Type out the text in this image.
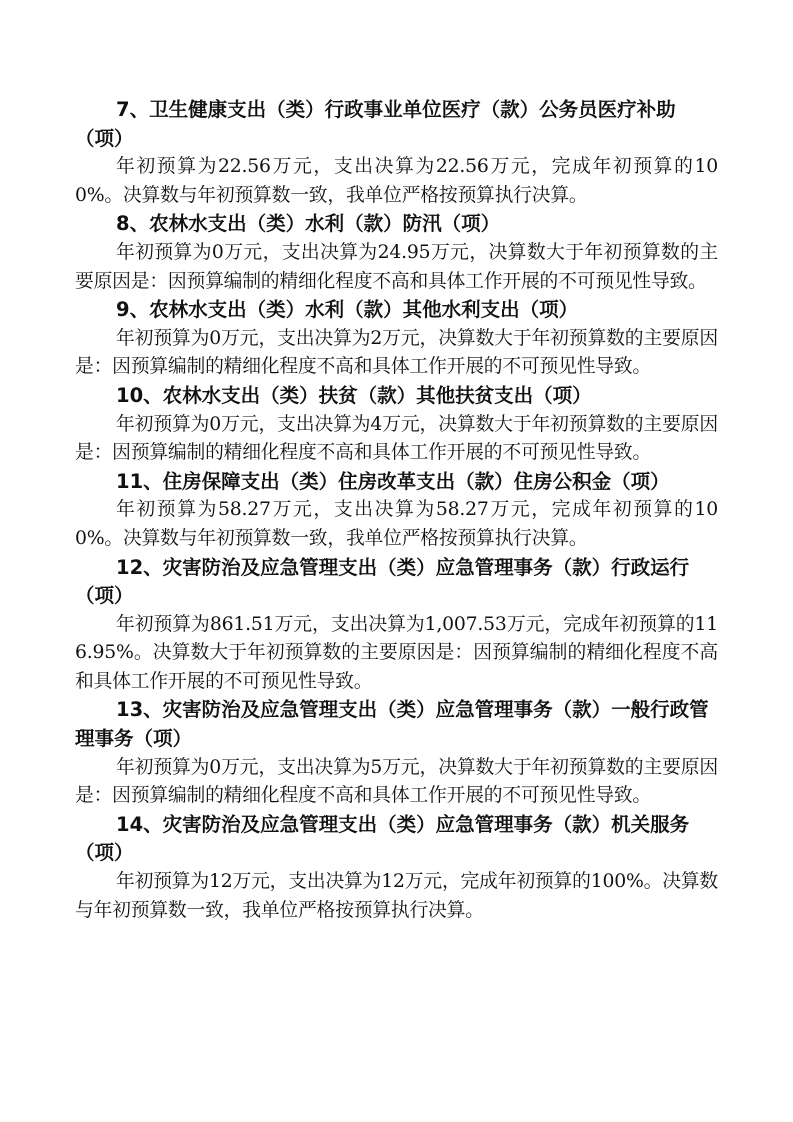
7、卫生健康支出（类）行政事业单位医疗（款）公务员医疗补助（项）

年初预算为22.56万元，支出决算为22.56万元，完成年初预算的100%。决算数与年初预算数一致，我单位严格按预算执行决算。

8、农林水支出（类）水利（款）防汛（项）

年初预算为0万元，支出决算为24.95万元，决算数大于年初预算数的主要原因是：因预算编制的精细化程度不高和具体工作开展的不可预见性导致。

9、农林水支出（类）水利（款）其他水利支出（项）

年初预算为0万元，支出决算为2万元，决算数大于年初预算数的主要原因是：因预算编制的精细化程度不高和具体工作开展的不可预见性导致。

10、农林水支出（类）扶贫（款）其他扶贫支出（项）

年初预算为0万元，支出决算为4万元，决算数大于年初预算数的主要原因是：因预算编制的精细化程度不高和具体工作开展的不可预见性导致。

11、住房保障支出（类）住房改革支出（款）住房公积金（项）

年初预算为58.27万元，支出决算为58.27万元，完成年初预算的100%。决算数与年初预算数一致，我单位严格按预算执行决算。

12、灾害防治及应急管理支出（类）应急管理事务（款）行政运行（项）

年初预算为861.51万元，支出决算为1,007.53万元，完成年初预算的116.95%。决算数大于年初预算数的主要原因是：因预算编制的精细化程度不高和具体工作开展的不可预见性导致。

13、灾害防治及应急管理支出（类）应急管理事务（款）一般行政管理事务（项）

年初预算为0万元，支出决算为5万元，决算数大于年初预算数的主要原因是：因预算编制的精细化程度不高和具体工作开展的不可预见性导致。

14、灾害防治及应急管理支出（类）应急管理事务（款）机关服务（项）

年初预算为12万元，支出决算为12万元，完成年初预算的100%。决算数与年初预算数一致，我单位严格按预算执行决算。
